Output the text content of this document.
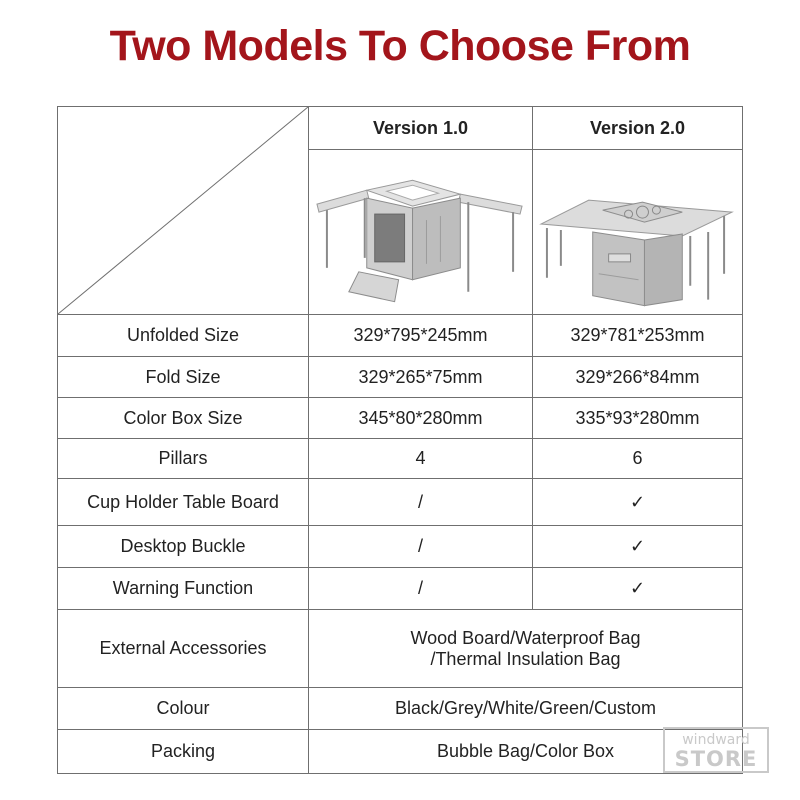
Two Models To Choose From
	Version 1.0	Version 2.0

Unfolded Size	329*795*245mm	329*781*253mm
Fold Size	329*265*75mm	329*266*84mm
Color Box Size	345*80*280mm	335*93*280mm
Pillars	4	6
Cup Holder Table Board	/	✓
Desktop Buckle	/	✓
Warning Function	/	✓
External Accessories	Wood Board/Waterproof Bag
/Thermal Insulation Bag	

Colour	Black/Grey/White/Green/Custom	
Packing	Bubble Bag/Color Box	
windward
STORE
